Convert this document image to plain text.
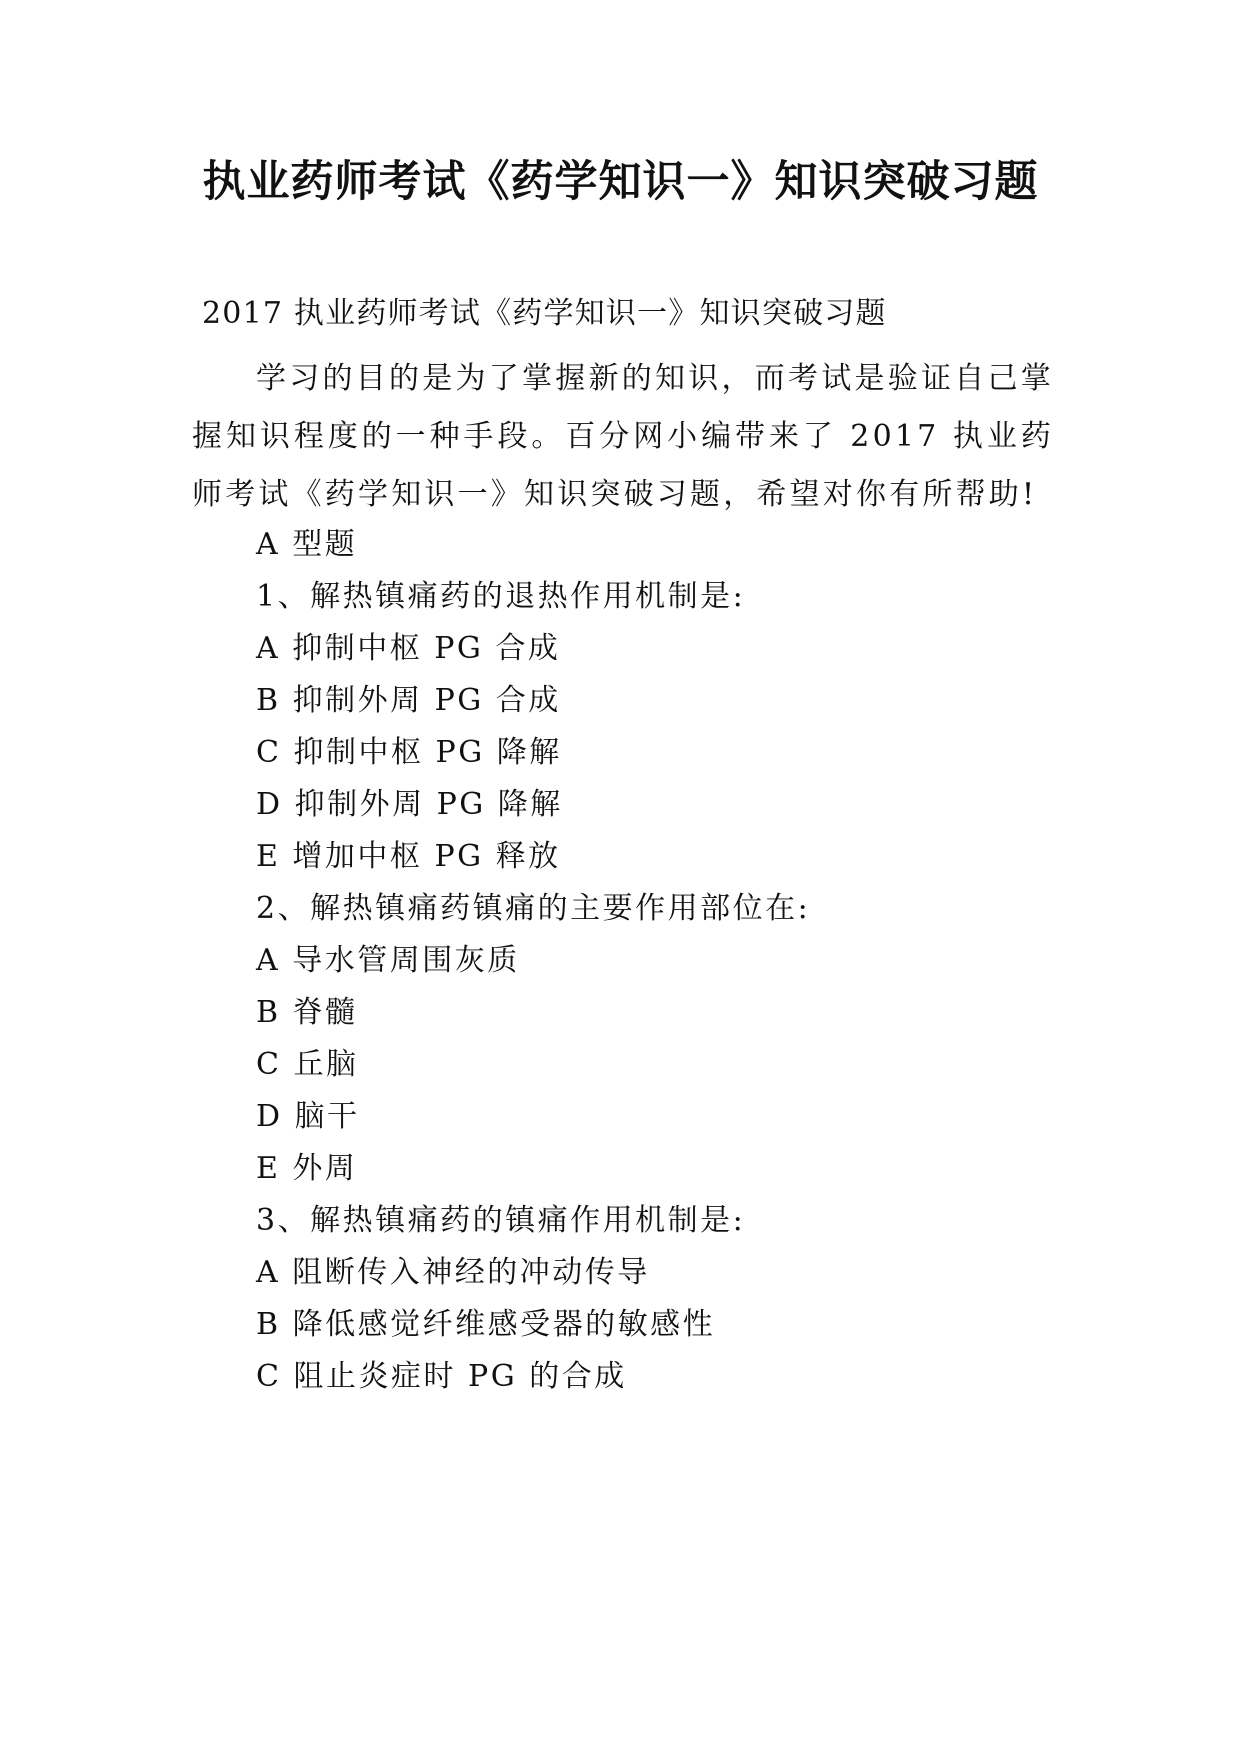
执业药师考试《药学知识一》知识突破习题

2017 执业药师考试《药学知识一》知识突破习题

学习的目的是为了掌握新的知识，而考试是验证自己掌握知识程度的一种手段。百分网小编带来了 2017 执业药师考试《药学知识一》知识突破习题，希望对你有所帮助!

A 型题

1、解热镇痛药的退热作用机制是:

A 抑制中枢 PG 合成

B 抑制外周 PG 合成

C 抑制中枢 PG 降解

D 抑制外周 PG 降解

E 增加中枢 PG 释放

2、解热镇痛药镇痛的主要作用部位在:

A 导水管周围灰质

B 脊髓

C 丘脑

D 脑干

E 外周

3、解热镇痛药的镇痛作用机制是:

A 阻断传入神经的冲动传导

B 降低感觉纤维感受器的敏感性

C 阻止炎症时 PG 的合成
